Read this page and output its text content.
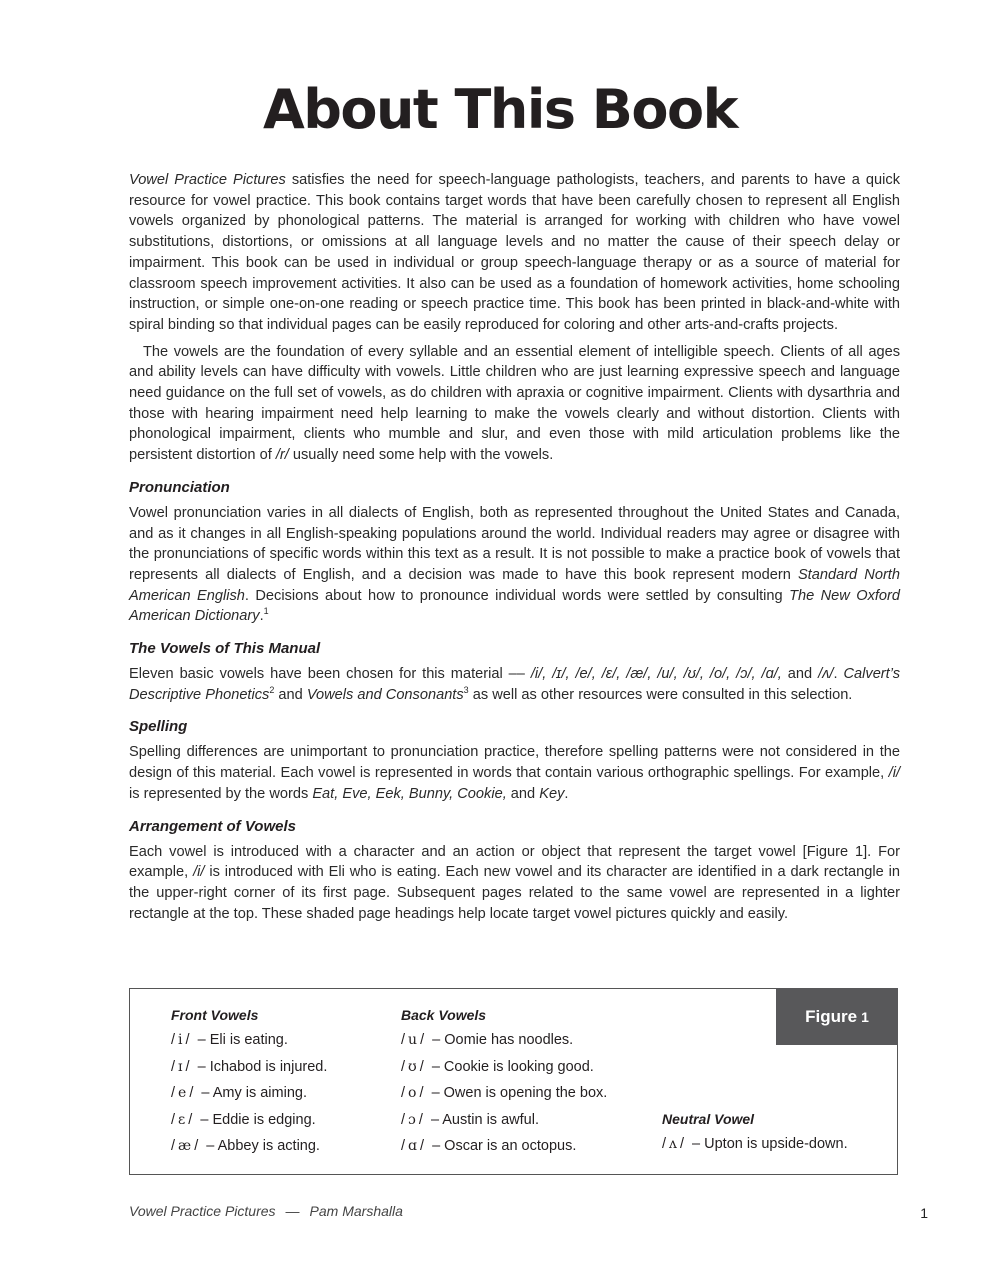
About This Book

Vowel Practice Pictures satisfies the need for speech-language pathologists, teachers, and parents to have a quick resource for vowel practice. This book contains target words that have been carefully chosen to represent all English vowels organized by phonological patterns. The material is arranged for working with children who have vowel substitutions, distortions, or omissions at all language levels and no matter the cause of their speech delay or impairment. This book can be used in individual or group speech-language therapy or as a source of material for classroom speech improvement activities. It also can be used as a foundation of homework activities, home schooling instruction, or simple one-on-one reading or speech practice time. This book has been printed in black-and-white with spiral binding so that individual pages can be easily reproduced for coloring and other arts-and-crafts projects.

The vowels are the foundation of every syllable and an essential element of intelligible speech. Clients of all ages and ability levels can have difficulty with vowels. Little children who are just learning expressive speech and language need guidance on the full set of vowels, as do children with apraxia or cognitive impairment. Clients with dysarthria and those with hearing impairment need help learning to make the vowels clearly and without distortion. Clients with phonological impairment, clients who mumble and slur, and even those with mild articulation problems like the persistent distortion of /r/ usually need some help with the vowels.

Pronunciation

Vowel pronunciation varies in all dialects of English, both as represented throughout the United States and Canada, and as it changes in all English-speaking populations around the world. Individual readers may agree or disagree with the pronunciations of specific words within this text as a result. It is not possible to make a practice book of vowels that represents all dialects of English, and a decision was made to have this book represent modern Standard North American English. Decisions about how to pronounce individual words were settled by consulting The New Oxford American Dictionary.$^1$

The Vowels of This Manual

Eleven basic vowels have been chosen for this material –– /i/, /ɪ/, /e/, /ɛ/, /æ/, /u/, /ʊ/, /o/, /ɔ/, /ɑ/, and /ʌ/. Calvert’s Descriptive Phonetics$^2$ and Vowels and Consonants$^3$ as well as other resources were consulted in this selection.

Spelling

Spelling differences are unimportant to pronunciation practice, therefore spelling patterns were not considered in the design of this material. Each vowel is represented in words that contain various orthographic spellings. For example, /i/ is represented by the words Eat, Eve, Eek, Bunny, Cookie, and Key.

Arrangement of Vowels

Each vowel is introduced with a character and an action or object that represent the target vowel [Figure 1]. For example, /i/ is introduced with Eli who is eating. Each new vowel and its character are identified in a dark rectangle in the upper-right corner of its first page. Subsequent pages related to the same vowel are represented in a lighter rectangle at the top. These shaded page headings help locate target vowel pictures quickly and easily.

Figure 1
Front Vowels
/ i /  – Eli is eating.
/ ɪ /  – Ichabod is injured.
/ e /  – Amy is aiming.
/ ɛ /  – Eddie is edging.
/ æ /  – Abbey is acting.
Back Vowels
/ u /  – Oomie has noodles.
/ ʊ /  – Cookie is looking good.
/ o /  – Owen is opening the box.
/ ɔ /  – Austin is awful.
/ ɑ /  – Oscar is an octopus.
Neutral Vowel
/ ʌ /  – Upton is upside-down.
Vowel Practice Pictures — Pam Marshalla	1
